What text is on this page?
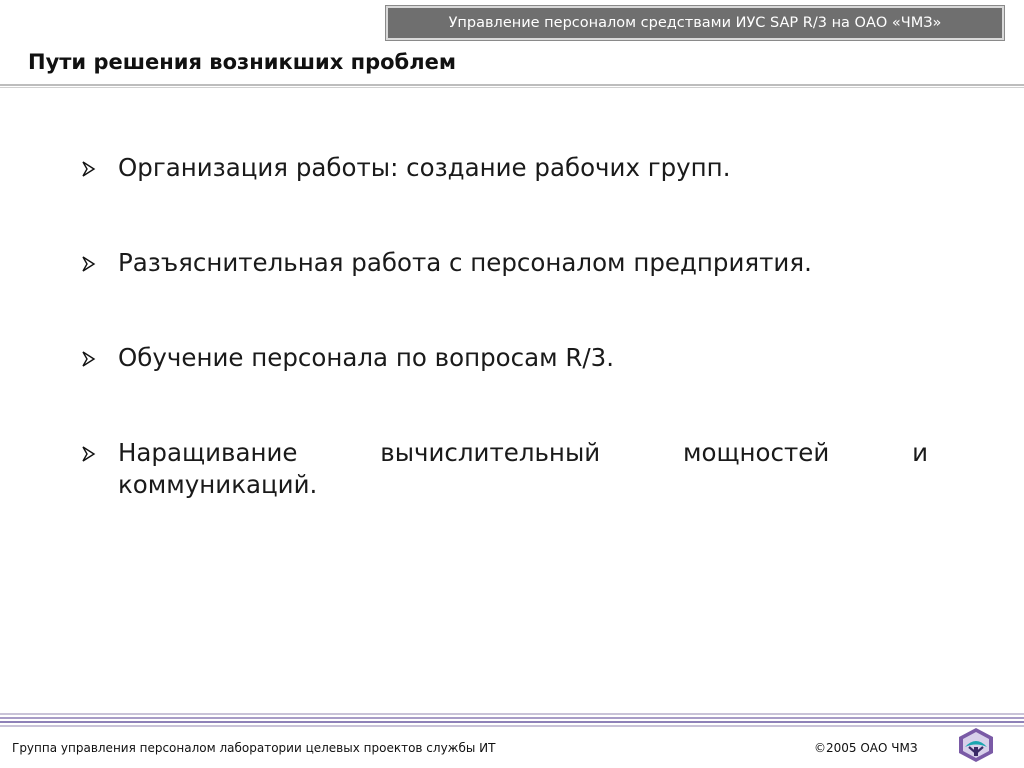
Управление персоналом средствами ИУС SAP R/3 на ОАО «ЧМЗ»
Пути решения возникших проблем
Организация работы: создание рабочих групп.
Разъяснительная работа с персоналом предприятия.
Обучение персонала по вопросам R/3.
Наращивание вычислительный мощностей и
коммуникаций.
Группа управления персоналом лаборатории целевых проектов службы ИТ	©2005 ОАО ЧМЗ
